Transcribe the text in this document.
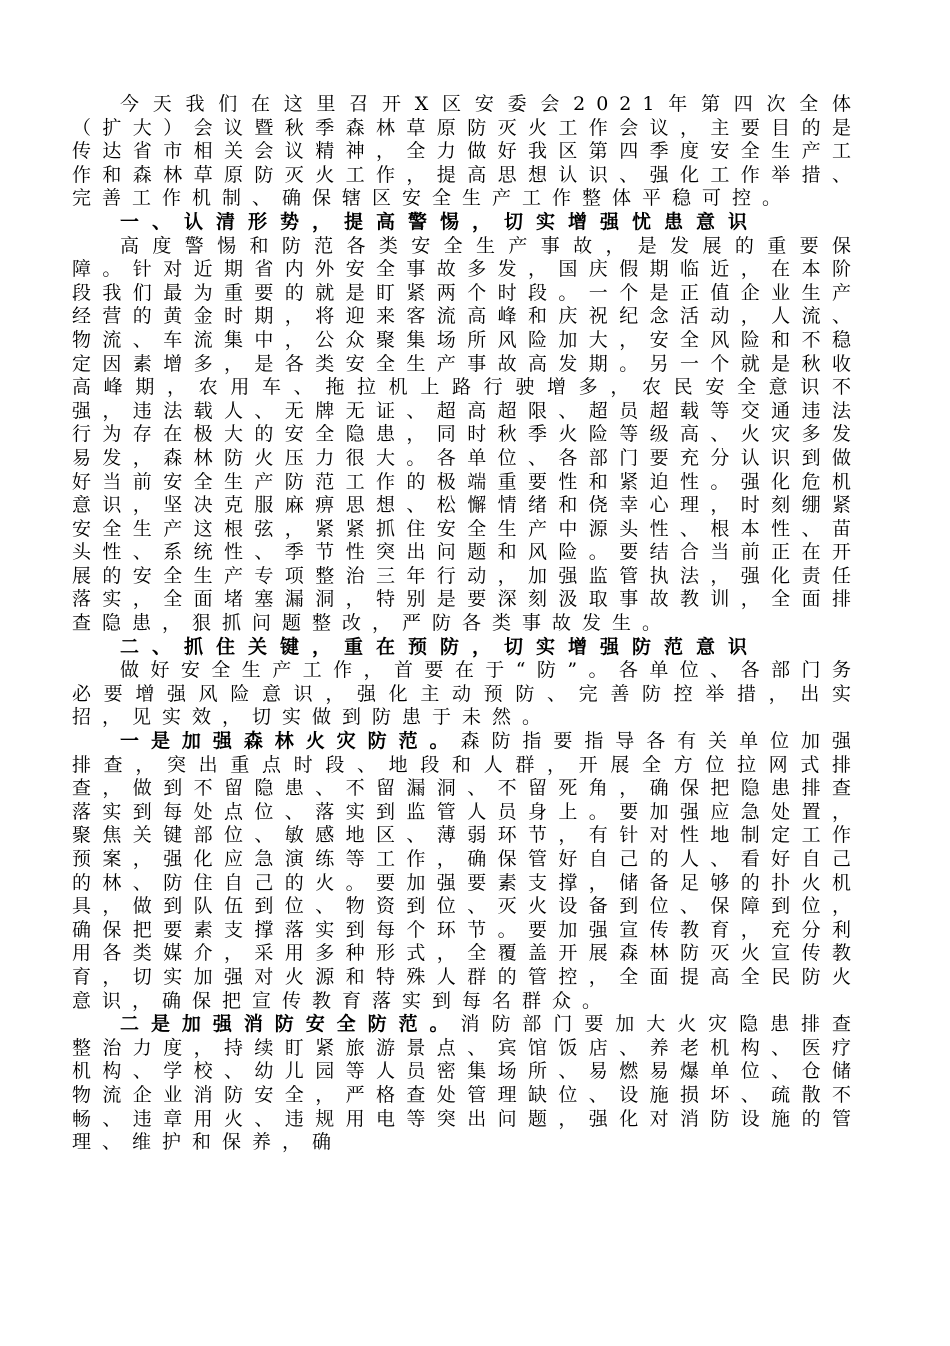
今天我们在这里召开X区安委会2021年第四次全体（扩大）会议暨秋季森林草原防灭火工作会议，主要目的是传达省市相关会议精神，全力做好我区第四季度安全生产工作和森林草原防灭火工作，提高思想认识、强化工作举措、完善工作机制、确保辖区安全生产工作整体平稳可控。

一、认清形势，提高警惕，切实增强忧患意识

高度警惕和防范各类安全生产事故，是发展的重要保障。针对近期省内外安全事故多发，国庆假期临近，在本阶段我们最为重要的就是盯紧两个时段。一个是正值企业生产经营的黄金时期，将迎来客流高峰和庆祝纪念活动，人流、物流、车流集中，公众聚集场所风险加大，安全风险和不稳定因素增多，是各类安全生产事故高发期。另一个就是秋收高峰期，农用车、拖拉机上路行驶增多，农民安全意识不强，违法载人、无牌无证、超高超限、超员超载等交通违法行为存在极大的安全隐患，同时秋季火险等级高、火灾多发易发，森林防火压力很大。各单位、各部门要充分认识到做好当前安全生产防范工作的极端重要性和紧迫性。强化危机意识，坚决克服麻痹思想、松懈情绪和侥幸心理，时刻绷紧安全生产这根弦，紧紧抓住安全生产中源头性、根本性、苗头性、系统性、季节性突出问题和风险。要结合当前正在开展的安全生产专项整治三年行动，加强监管执法，强化责任落实，全面堵塞漏洞，特别是要深刻汲取事故教训，全面排查隐患，狠抓问题整改，严防各类事故发生。

二、抓住关键，重在预防，切实增强防范意识

做好安全生产工作，首要在于“防”。各单位、各部门务必要增强风险意识，强化主动预防、完善防控举措，出实招，见实效，切实做到防患于未然。

一是加强森林火灾防范。森防指要指导各有关单位加强排查，突出重点时段、地段和人群，开展全方位拉网式排查，做到不留隐患、不留漏洞、不留死角，确保把隐患排查落实到每处点位、落实到监管人员身上。要加强应急处置，聚焦关键部位、敏感地区、薄弱环节，有针对性地制定工作预案，强化应急演练等工作，确保管好自己的人、看好自己的林、防住自己的火。要加强要素支撑，储备足够的扑火机具，做到队伍到位、物资到位、灭火设备到位、保障到位，确保把要素支撑落实到每个环节。要加强宣传教育，充分利用各类媒介，采用多种形式，全覆盖开展森林防灭火宣传教育，切实加强对火源和特殊人群的管控，全面提高全民防火意识，确保把宣传教育落实到每名群众。

二是加强消防安全防范。消防部门要加大火灾隐患排查整治力度，持续盯紧旅游景点、宾馆饭店、养老机构、医疗机构、学校、幼儿园等人员密集场所、易燃易爆单位、仓储物流企业消防安全，严格查处管理缺位、设施损坏、疏散不畅、违章用火、违规用电等突出问题，强化对消防设施的管理、维护和保养，确
